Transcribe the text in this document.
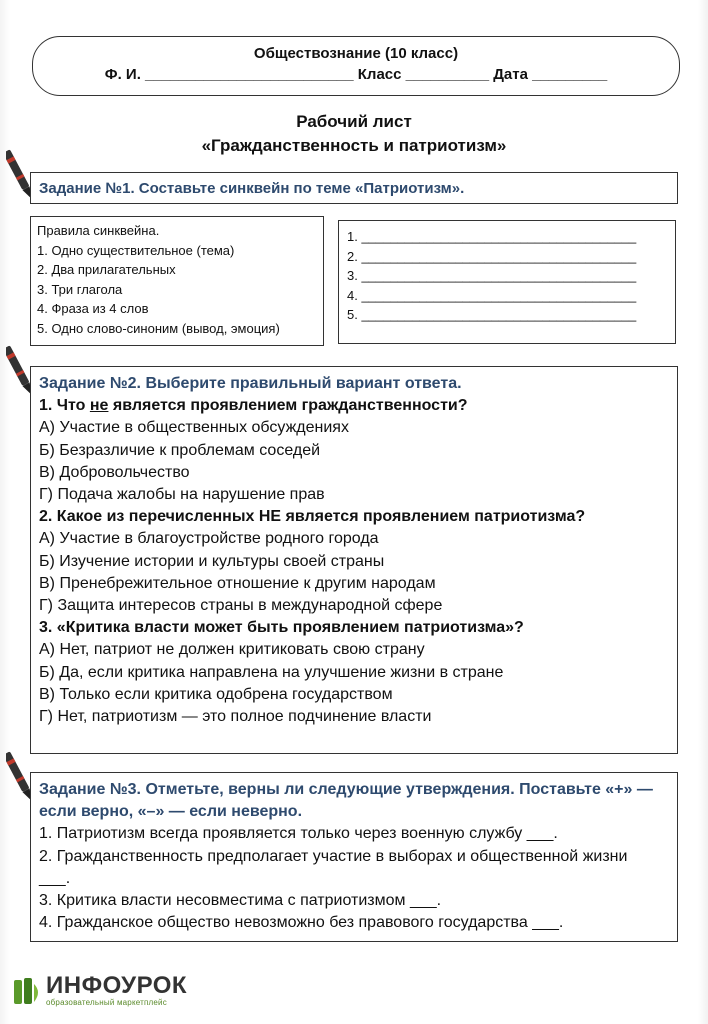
Обществознание (10 класс)
Ф. И. _________________________ Класс __________ Дата _________
Рабочий лист
«Гражданственность и патриотизм»
Задание №1. Составьте синквейн по теме «Патриотизм».
Правила синквейна.
1. Одно существительное (тема)
2. Два прилагательных
3. Три глагола
4. Фраза из 4 слов
5. Одно слово-синоним (вывод, эмоция)
1. ______________________________________
2. ______________________________________
3. ______________________________________
4. ______________________________________
5. ______________________________________
Задание №2. Выберите правильный вариант ответа.
1. Что не является проявлением гражданственности?
А) Участие в общественных обсуждениях
Б) Безразличие к проблемам соседей
В) Добровольчество
Г) Подача жалобы на нарушение прав
2. Какое из перечисленных НЕ является проявлением патриотизма?
А) Участие в благоустройстве родного города
Б) Изучение истории и культуры своей страны
В) Пренебрежительное отношение к другим народам
Г) Защита интересов страны в международной сфере
3. «Критика власти может быть проявлением патриотизма»?
А) Нет, патриот не должен критиковать свою страну
Б) Да, если критика направлена на улучшение жизни в стране
В) Только если критика одобрена государством
Г) Нет, патриотизм — это полное подчинение власти
Задание №3. Отметьте, верны ли следующие утверждения. Поставьте «+» —
если верно, «–» — если неверно.
1. Патриотизм всегда проявляется только через военную службу ___.
2. Гражданственность предполагает участие в выборах и общественной жизни
___.
3. Критика власти несовместима с патриотизмом ___.
4. Гражданское общество невозможно без правового государства ___.
ИНФОУРОК
образовательный маркетплейс
